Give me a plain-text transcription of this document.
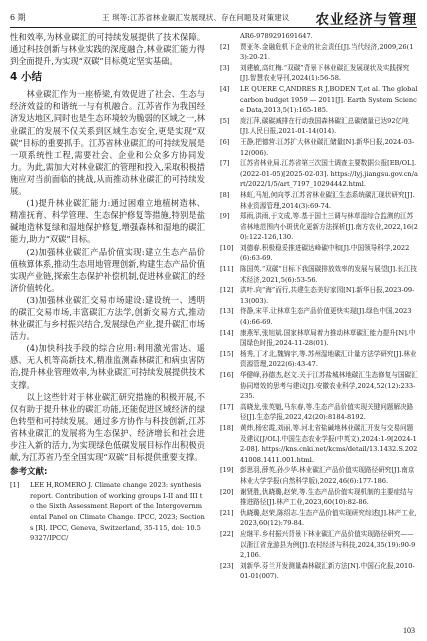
6 期	王 琪等:江苏省林业碳汇发展现状、存在问题及对策建议 农业经济与管理

性和效率,为林业碳汇的可持续发展提供了技术保障。通过科技创新与林业实践的深度融合,林业碳汇能力得到全面提升,为实现“双碳”目标奠定坚实基础。

4 小结

林业碳汇作为一座桥梁,有效促进了社会、生态与经济效益的和谐统一与有机融合。江苏省作为我国经济发达地区,同时也是生态环境较为脆弱的区域之一,林业碳汇的发展不仅关系到区域生态安全,更是实现“双碳”目标的重要抓手。江苏省林业碳汇的可持续发展是一项系统性工程,需要社会、企业和公众多方协同发力。为此,需加大对林业碳汇的管理和投入,采取积极措施应对当前面临的挑战,从而推动林业碳汇的可持续发展。

(1)提升林业碳汇能力:通过困难立地植树造林、精准抚育、科学管理、生态保护修复等措施,特别是盐碱地造林复绿和湿地保护修复,增强森林和湿地的碳汇能力,助力“双碳”目标。

(2)加强林业碳汇产品价值实现:建立生态产品价值核算体系,推动生态用地管理创新,构建生态产品价值实现产业链,探索生态保护补偿机制,促进林业碳汇的经济价值转化。

(3)加强林业碳汇交易市场建设:建设统一、透明的碳汇交易市场,丰富碳汇方法学,创新交易方式,推动林业碳汇与乡村振兴结合,发展绿色产业,提升碳汇市场活力。

(4)加快科技手段的综合应用:利用激光雷达、遥感、无人机等高新技术,精准监测森林碳汇和病虫害防治,提升林业管理效率,为林业碳汇可持续发展提供技术支撑。

以上这些针对于林业碳汇研究措施的积极开展,不仅有助于提升林业的碳汇功能,还能促进区域经济的绿色转型和可持续发展。通过多方协作与科技创新,江苏省林业碳汇的发展将为生态保护、经济增长和社会进步注入新的活力,为实现绿色低碳发展目标作出积极贡献,为江苏省乃至全国实现“双碳”目标提供重要支撑。

参考文献:
[1]	LEE H,ROMERO J. Climate change 2023: synthesis report. Contribution of working groups I-II and III to the Sixth Assessment Report of the Intergovernmental Panel on Climate Change. IPCC, 2023; Sections [R]. IPCC, Geneva, Switzerland, 35-115, doi: 10.59327/IPCC/
AR6-9789291691647.
[2]	贾亚冬.金融危机下企业的社会责任[J].当代经济,2009,26(13):20-21.
[3]	刘建敏,高红梅.“双碳”背景下林业碳汇发展现状及实践探究[J].智慧农业导刊,2024(1):56-58.
[4]	LE QUERE C,ANDRES R J,BODEN T,et al. The global carbon budget 1959 — 2011[J]. Earth System Science Data,2013,5(1):165-185.
[5]	庞江萍,碳碳减排在行动我国森林碳汇总碳储量已达92亿吨[J].人民日报,2021-01-14(014).
[6]	王静,把德营.江苏扩大林业碳汇储量[N].新华日报,2024-03-12(006).
[7]	江苏省林业局.江苏省第三次国土调查主要数据公报[EB/OL].(2022-01-05)[2025-02-03]. https://lyj.jiangsu.gov.cn/art/2022/1/5/art_7197_10294442.html.
[8]	林虹,马旭,何向苓.江苏省林业碳汇生态系统碳汇现状研究[J].林业资源管理,2014(3):69-74.
[9]	郑雨,洪雨,于文成,等.基于国土三调与林草湿综合监测的江苏省林地范围内小斑优化更新方法探析[J].南方农业,2022,16(20):122-126,130.
[10] 刘德春.积极稳妥推进碳达峰碳中和[J].中国领导科学,2022(6):63-69.
[11] 陈国英.“双碳”目标下我国碳排放效率的发展与展望[J].长江技术经济,2021,5(6):53-56.
[12] 洪叶.向“海”而行,共建生态美好家园[N].新华日报,2023-09-13(003).
[13] 佟静,宋平.让林草生态产品价值更快实现[J].绿色中国,2023(4):66-69.
[14] 康燕军,张旭斌.国家林草局着力推动林草碳汇能力提升[N].中国绿色时报,2024-11-28(01).
[15] 杨秀,丁才北,魏锦宇,等.苏州湿地碳汇计量方法学研究[J].林业资源管理,2022(6):43-47.
[16] 华健峰,孙德杰,赵文.关于江苏盐城林地碳汇生态修复与国碳汇协同增效的思考与建议[J].安徽农业科学,2024,52(12):233-235.
[17] 高晓龙,张英魁,马东春,等.生态产品价值实现关键问题解决路径[J].生态学报,2022,42(20):8184-8192.
[18] 黄炜,杨宏霞,刘丽,等.河北省盐碱地林业碳汇开发与交易问题及建议[J/OL].中国生态农业学报(中英文),2024:1-9[2024-12-08]. https://kns.cnki.net/kcms/detail/13.1432.S.20241008.1411.001.html.
[19] 彭思羽,薛英,孙少华.林业碳汇产品价值实现路径研究[J].南京林业大学学报(自然科学版),2022,46(6):177-186.
[20] 谢贤胜,仇晓璐,赵荣,等.生态产品价值实现机制的主要症结与推进路径[J].林产工业,2023,60(10):82-86.
[21] 仇晓璐,赵荣,陈绍志.生态产品价值实现研究综述[J].林产工业,2023,60(12):79-84.
[22] 应继平.乡村振兴背景下林业碳汇产品价值实现路径研究——以浙江省龙游县为例[J].农村经济与科技,2024,35(19):90-92,106.
[23] 刘新华.芬兰开发测量森林碳汇新方法[N].中国石化报,2010-01-01(007).
103
